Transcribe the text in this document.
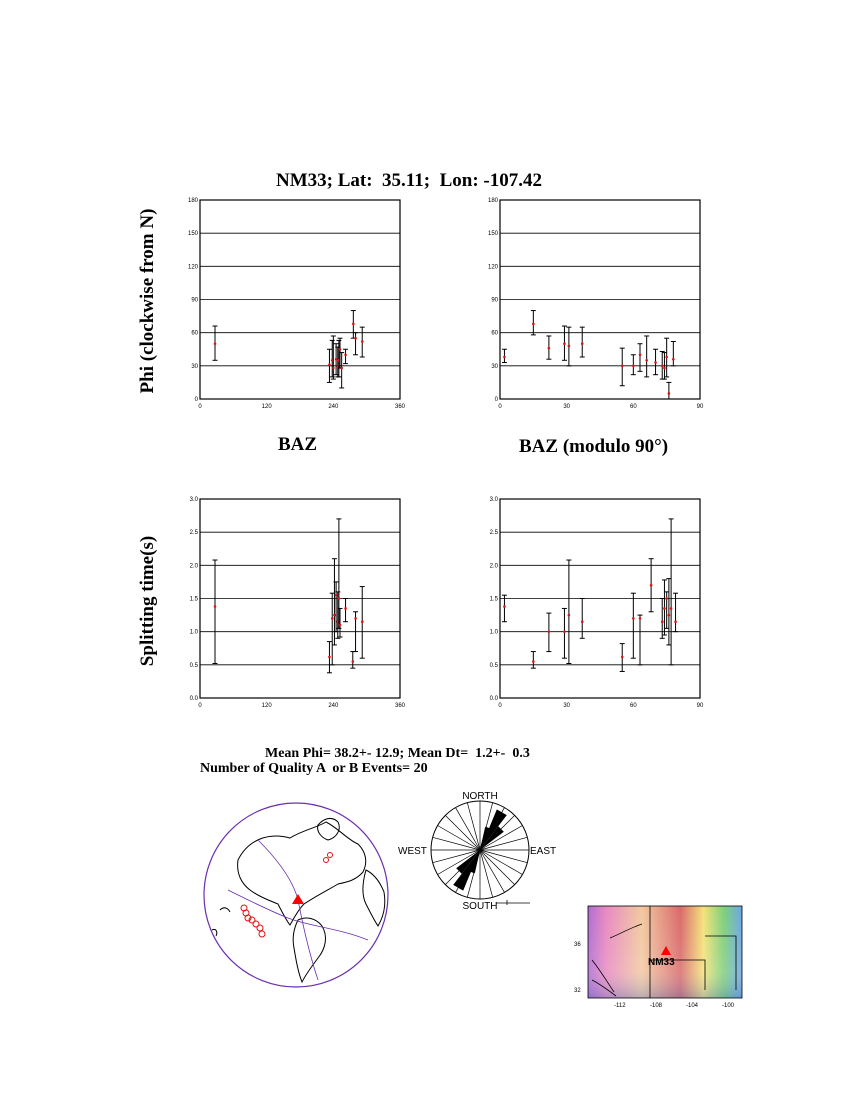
NM33; Lat:  35.11;  Lon: -107.42
Phi (clockwise from N)
Splitting time(s)
0
30
60
90
120
150
180
0	120	240	360
0
30
60
90
120
150
180
0	30	60	90
0.0
0.5
1.0
1.5
2.0
2.5
3.0
0	120	240	360
0.0
0.5
1.0
1.5
2.0
2.5
3.0
0	30	60	90
BAZ	BAZ (modulo 90°)
Mean Phi= 38.2+- 12.9; Mean Dt=  1.2+-  0.3
Number of Quality A  or B Events= 20
NORTH
SOUTH
WEST	EAST
NM33
36
32
-112	-108	-104	-100
